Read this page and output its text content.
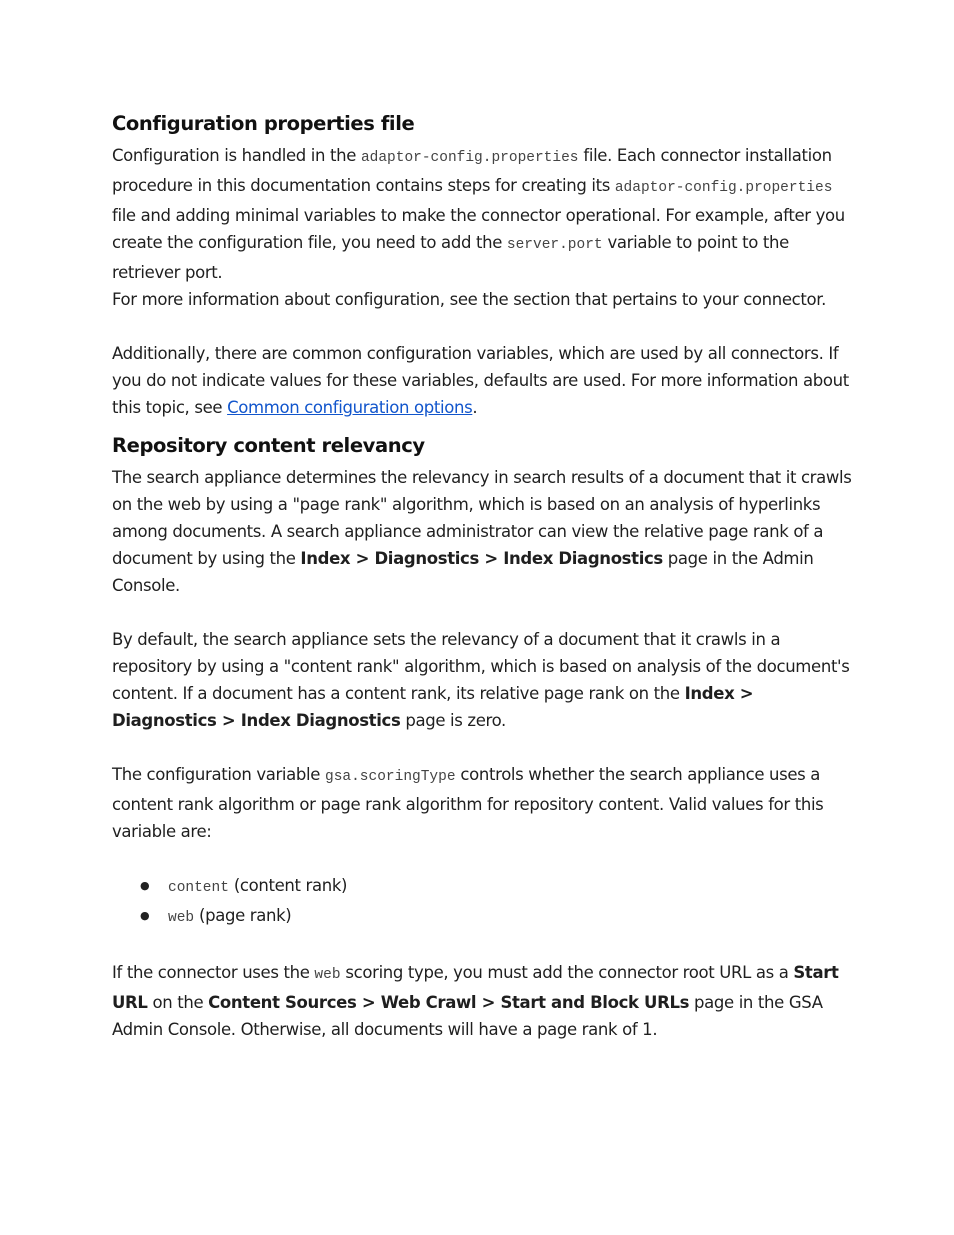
Configuration properties file

Configuration is handled in the adaptor-config.properties file. Each connector installation procedure in this documentation contains steps for creating its adaptor-config.properties file and adding minimal variables to make the connector operational. For example, after you create the configuration file, you need to add the server.port variable to point to the retriever port.

For more information about configuration, see the section that pertains to your connector.

Additionally, there are common configuration variables, which are used by all connectors. If you do not indicate values for these variables, defaults are used. For more information about this topic, see Common configuration options.

Repository content relevancy

The search appliance determines the relevancy in search results of a document that it crawls on the web by using a "page rank" algorithm, which is based on an analysis of hyperlinks among documents. A search appliance administrator can view the relative page rank of a document by using the Index > Diagnostics > Index Diagnostics page in the Admin Console.

By default, the search appliance sets the relevancy of a document that it crawls in a repository by using a "content rank" algorithm, which is based on analysis of the document's content. If a document has a content rank, its relative page rank on the Index > Diagnostics > Index Diagnostics page is zero.

The configuration variable gsa.scoringType controls whether the search appliance uses a content rank algorithm or page rank algorithm for repository content. Valid values for this variable are:

● content (content rank)
● web (page rank)

If the connector uses the web scoring type, you must add the connector root URL as a Start URL on the Content Sources > Web Crawl > Start and Block URLs page in the GSA Admin Console. Otherwise, all documents will have a page rank of 1.
